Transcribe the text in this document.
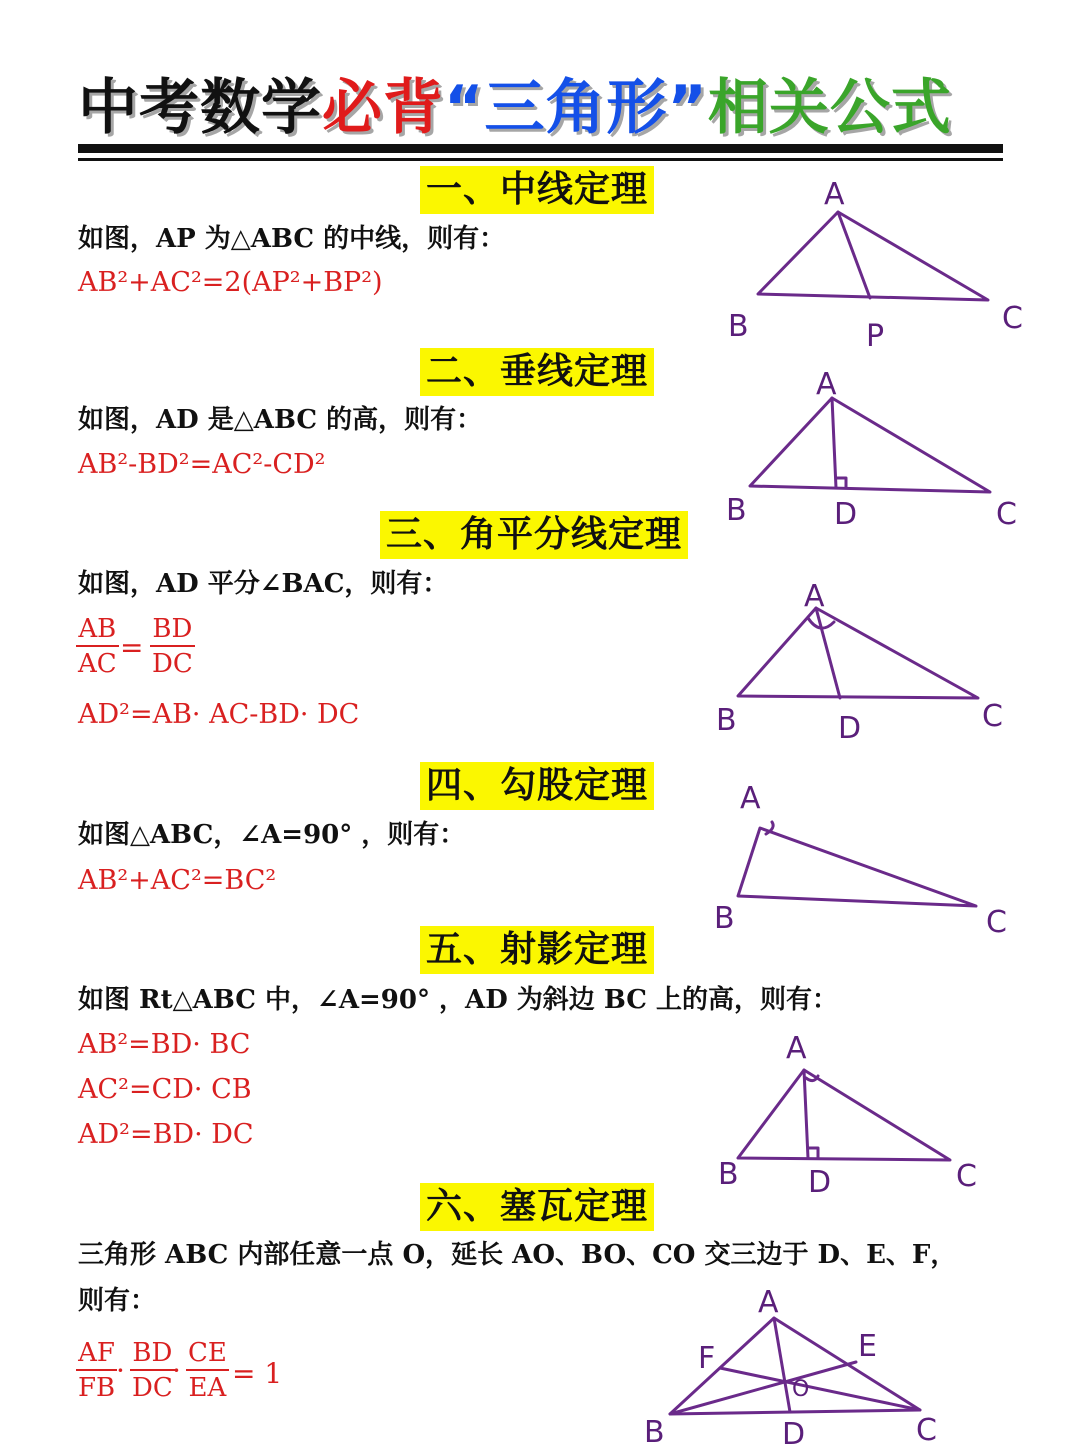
中考数学必背“三角形”相关公式
一、中线定理
如图，AP 为△ABC 的中线，则有：
AB²+AC²=2(AP²+BP²)
A
B	C
P
二、垂线定理
如图，AD 是△ABC 的高，则有：
AB²-BD²=AC²-CD²
A
B	C
D
三、角平分线定理
如图，AD 平分∠BAC，则有：
AB
AC =
BD
DC
AD²=AB· AC-BD· DC
A
B	C
D
四、勾股定理
如图△ABC，∠A=90° ，则有：
AB²+AC²=BC²
A
B	C
五、射影定理
如图 Rt△ABC 中，∠A=90° ，AD 为斜边 BC 上的高，则有：
AB²=BD· BC
AC²=CD· CB
AD²=BD· DC
A
B	C
D
六、塞瓦定理
三角形 ABC 内部任意一点 O，延长 AO、BO、CO 交三边于 D、E、F，
则有：
AF
FB
·
BD
DC
·
CE
EA = 1
A
B	C
D
E
F
O
